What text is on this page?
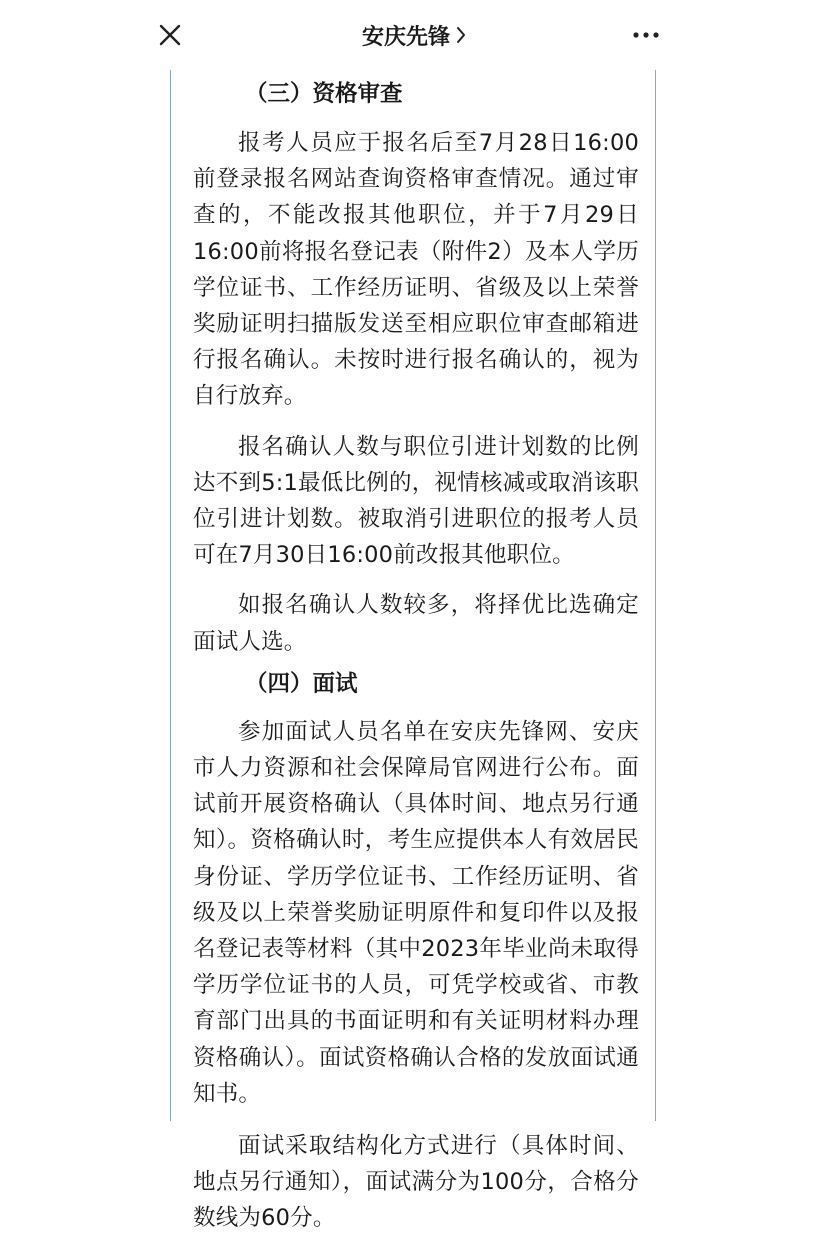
安庆先锋

（三）资格审查

报考人员应于报名后至7月28日16:00前登录报名网站查询资格审查情况。通过审查的，不能改报其他职位，并于7月29日16:00前将报名登记表（附件2）及本人学历学位证书、工作经历证明、省级及以上荣誉奖励证明扫描版发送至相应职位审查邮箱进行报名确认。未按时进行报名确认的，视为自行放弃。

报名确认人数与职位引进计划数的比例达不到5:1最低比例的，视情核减或取消该职位引进计划数。被取消引进职位的报考人员可在7月30日16:00前改报其他职位。

如报名确认人数较多，将择优比选确定面试人选。

（四）面试

参加面试人员名单在安庆先锋网、安庆市人力资源和社会保障局官网进行公布。面试前开展资格确认（具体时间、地点另行通知）。资格确认时，考生应提供本人有效居民身份证、学历学位证书、工作经历证明、省级及以上荣誉奖励证明原件和复印件以及报名登记表等材料（其中2023年毕业尚未取得学历学位证书的人员，可凭学校或省、市教育部门出具的书面证明和有关证明材料办理资格确认）。面试资格确认合格的发放面试通知书。

面试采取结构化方式进行（具体时间、地点另行通知），面试满分为100分，合格分数线为60分。
